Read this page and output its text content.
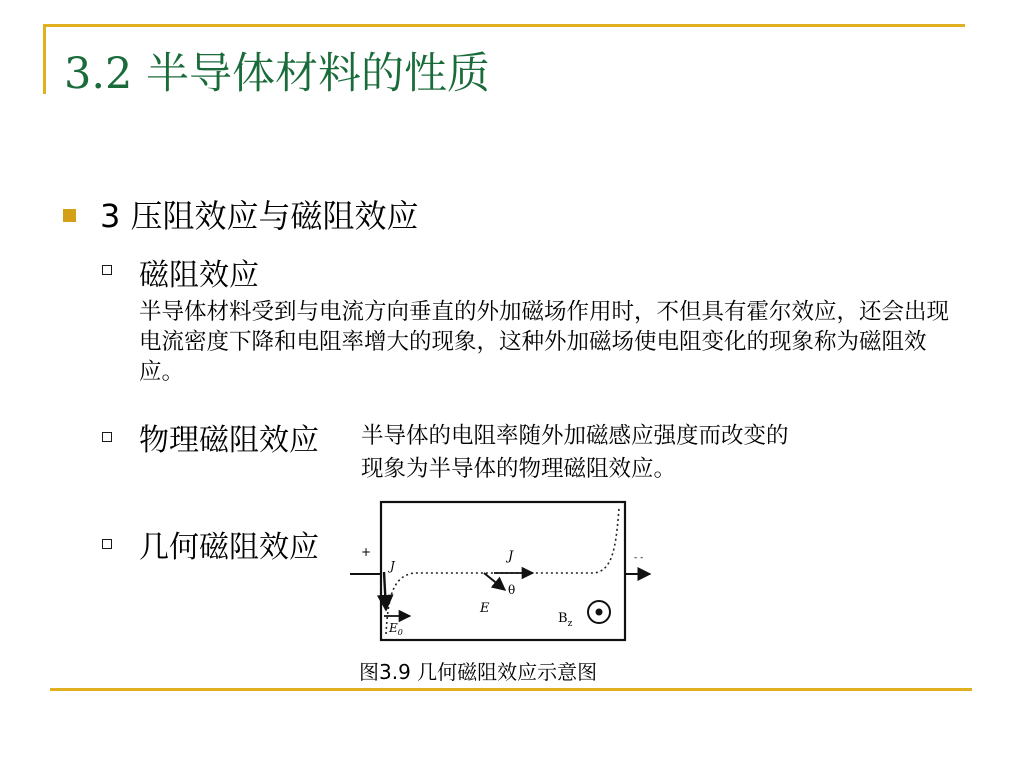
3.2 半导体材料的性质
3 压阻效应与磁阻效应
磁阻效应
半导体材料受到与电流方向垂直的外加磁场作用时，不但具有霍尔效应，还会出现电流密度下降和电阻率增大的现象，这种外加磁场使电阻变化的现象称为磁阻效应。
物理磁阻效应 半导体的电阻率随外加磁感应强度而改变的
现象为半导体的物理磁阻效应。
几何磁阻效应	+	- -
J
J
θ
E
$E_0$
$B_z$
图3.9 几何磁阻效应示意图
